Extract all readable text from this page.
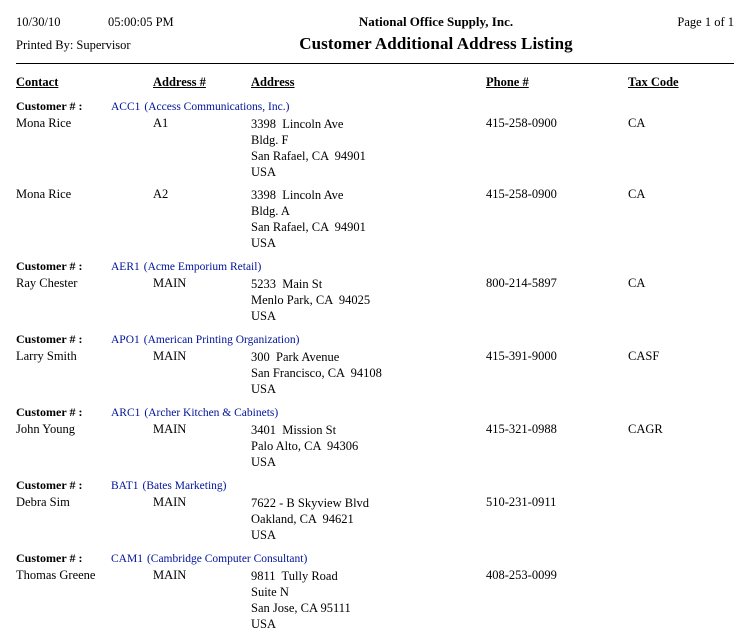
10/30/10	05:00:05 PM	National Office Supply, Inc.	Page 1 of 1
Printed By: Supervisor	Customer Additional Address Listing
Contact	Address #	Address	Phone #	Tax Code
Customer # :	ACC1 (Access Communications, Inc.)
Mona Rice	A1	3398  Lincoln Ave
Bldg. F
San Rafael, CA  94901
USA
415-258-0900	CA
Mona Rice	A2	3398  Lincoln Ave
Bldg. A
San Rafael, CA  94901
USA
415-258-0900	CA
Customer # :	AER1 (Acme Emporium Retail)
Ray Chester	MAIN	5233  Main St
Menlo Park, CA  94025
USA
800-214-5897	CA
Customer # :	APO1 (American Printing Organization)
Larry Smith	MAIN	300  Park Avenue
San Francisco, CA  94108
USA
415-391-9000	CASF
Customer # :	ARC1 (Archer Kitchen & Cabinets)
John Young	MAIN	3401  Mission St
Palo Alto, CA  94306
USA
415-321-0988	CAGR
Customer # :	BAT1 (Bates Marketing)
Debra Sim	MAIN	7622 - B Skyview Blvd
Oakland, CA  94621
USA
510-231-0911
Customer # :	CAM1 (Cambridge Computer Consultant)
Thomas Greene	MAIN	9811  Tully Road
Suite N
San Jose, CA 95111
USA
408-253-0099
